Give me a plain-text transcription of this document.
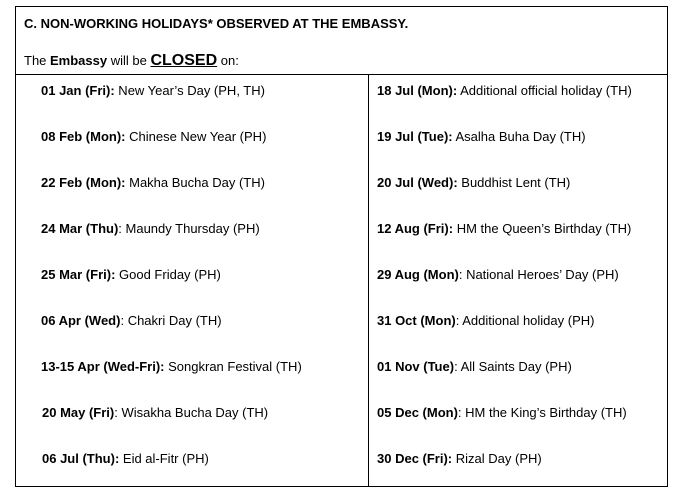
C. NON-WORKING HOLIDAYS* OBSERVED AT THE EMBASSY.
The Embassy will be CLOSED on:
01 Jan (Fri): New Year’s Day (PH, TH)
08 Feb (Mon): Chinese New Year (PH)
22 Feb (Mon): Makha Bucha Day (TH)
24 Mar (Thu): Maundy Thursday (PH)
25 Mar (Fri): Good Friday (PH)
06 Apr (Wed): Chakri Day (TH)
13-15 Apr (Wed-Fri): Songkran Festival (TH)
20 May (Fri): Wisakha Bucha Day (TH)
06 Jul (Thu): Eid al-Fitr (PH)
18 Jul (Mon): Additional official holiday (TH)
19 Jul (Tue): Asalha Buha Day (TH)
20 Jul (Wed): Buddhist Lent (TH)
12 Aug (Fri): HM the Queen’s Birthday (TH)
29 Aug (Mon): National Heroes’ Day (PH)
31 Oct (Mon): Additional holiday (PH)
01 Nov (Tue): All Saints Day (PH)
05 Dec (Mon): HM the King’s Birthday (TH)
30 Dec (Fri): Rizal Day (PH)
